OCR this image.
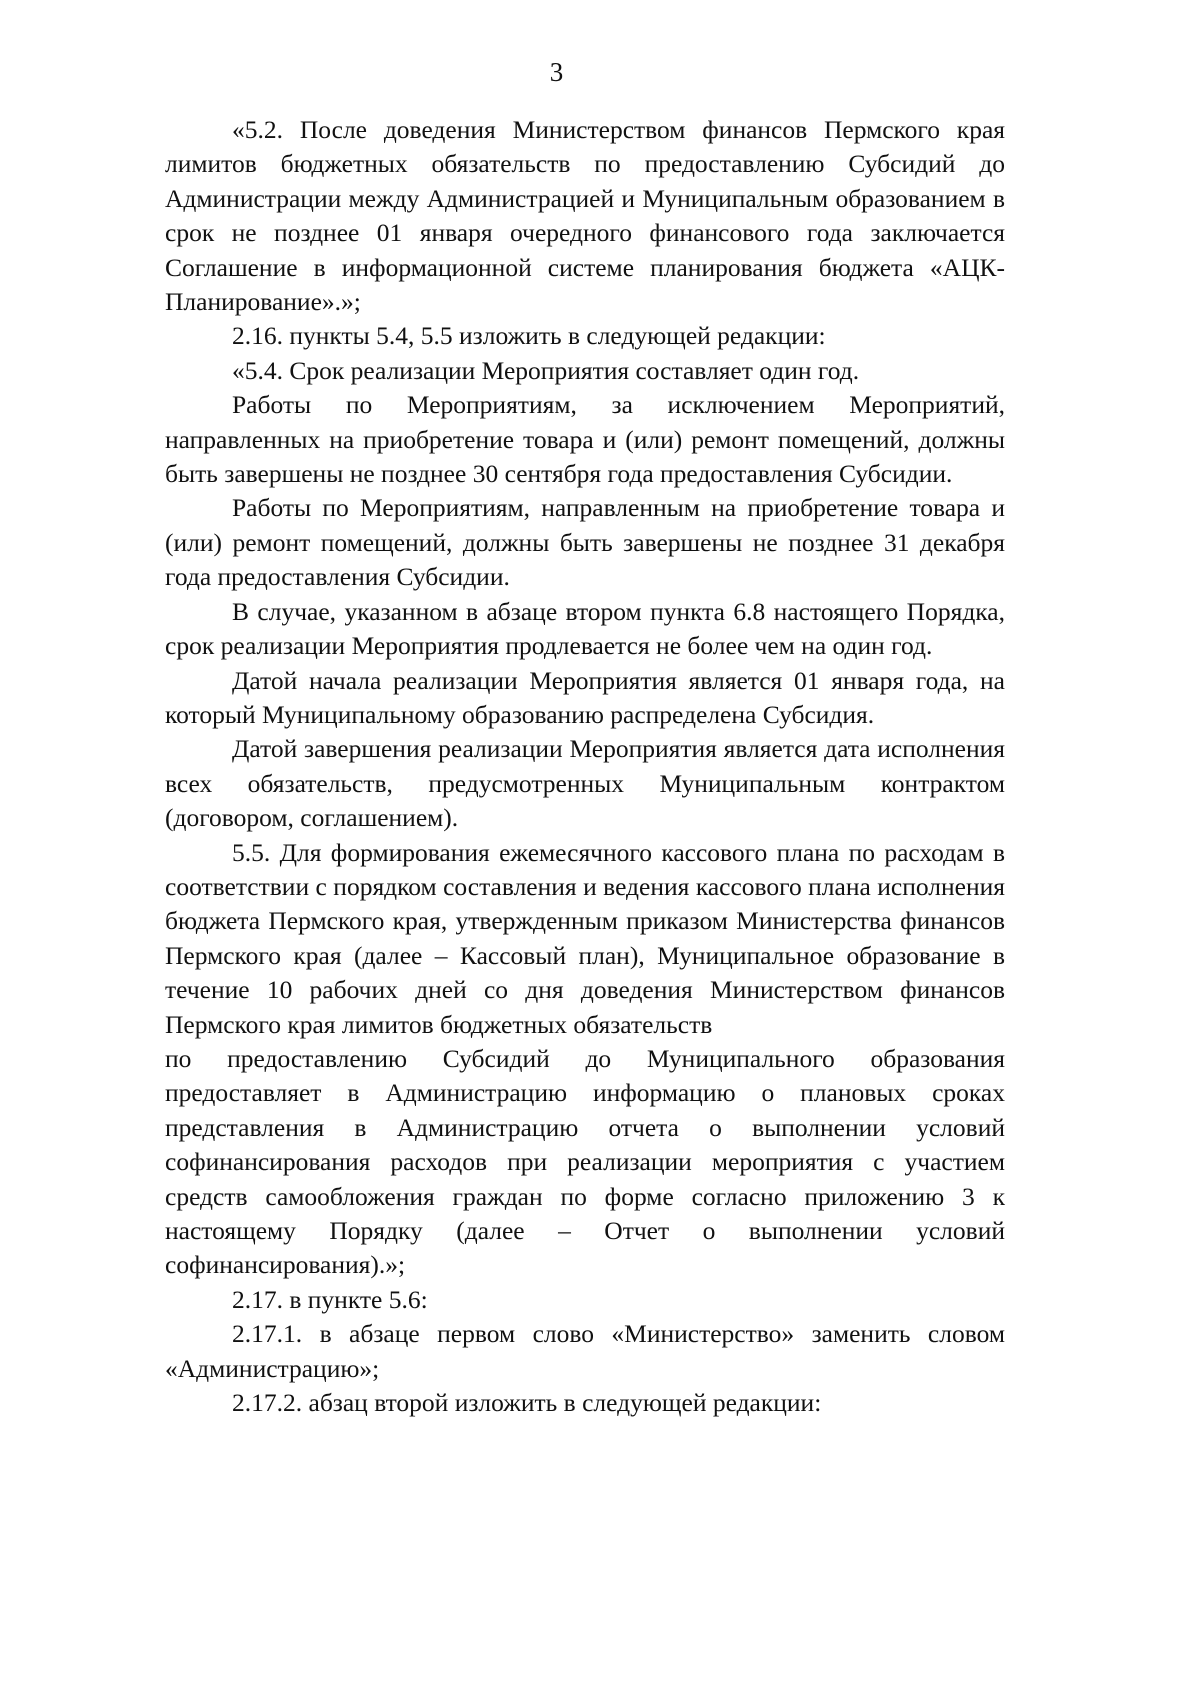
3

«5.2. После доведения Министерством финансов Пермского края лимитов бюджетных обязательств по предоставлению Субсидий до Администрации между Администрацией и Муниципальным образованием в срок не позднее 01 января очередного финансового года заключается Соглашение в информационной системе планирования бюджета «АЦК-Планирование».»;

2.16. пункты 5.4, 5.5 изложить в следующей редакции:

«5.4. Срок реализации Мероприятия составляет один год.

Работы по Мероприятиям, за исключением Мероприятий, направленных на приобретение товара и (или) ремонт помещений, должны быть завершены не позднее 30 сентября года предоставления Субсидии.

Работы по Мероприятиям, направленным на приобретение товара и (или) ремонт помещений, должны быть завершены не позднее 31 декабря года предоставления Субсидии.

В случае, указанном в абзаце втором пункта 6.8 настоящего Порядка, срок реализации Мероприятия продлевается не более чем на один год.

Датой начала реализации Мероприятия является 01 января года, на который Муниципальному образованию распределена Субсидия.

Датой завершения реализации Мероприятия является дата исполнения всех обязательств, предусмотренных Муниципальным контрактом (договором, соглашением).

5.5. Для формирования ежемесячного кассового плана по расходам в соответствии с порядком составления и ведения кассового плана исполнения бюджета Пермского края, утвержденным приказом Министерства финансов Пермского края (далее – Кассовый план), Муниципальное образование в течение 10 рабочих дней со дня доведения Министерством финансов Пермского края лимитов бюджетных обязательств

по предоставлению Субсидий до Муниципального образования предоставляет в Администрацию информацию о плановых сроках представления в Администрацию отчета о выполнении условий софинансирования расходов при реализации мероприятия с участием средств самообложения граждан по форме согласно приложению 3 к настоящему Порядку (далее – Отчет о выполнении условий софинансирования).»;

2.17. в пункте 5.6:

2.17.1. в абзаце первом слово «Министерство» заменить словом «Администрацию»;

2.17.2. абзац второй изложить в следующей редакции:
